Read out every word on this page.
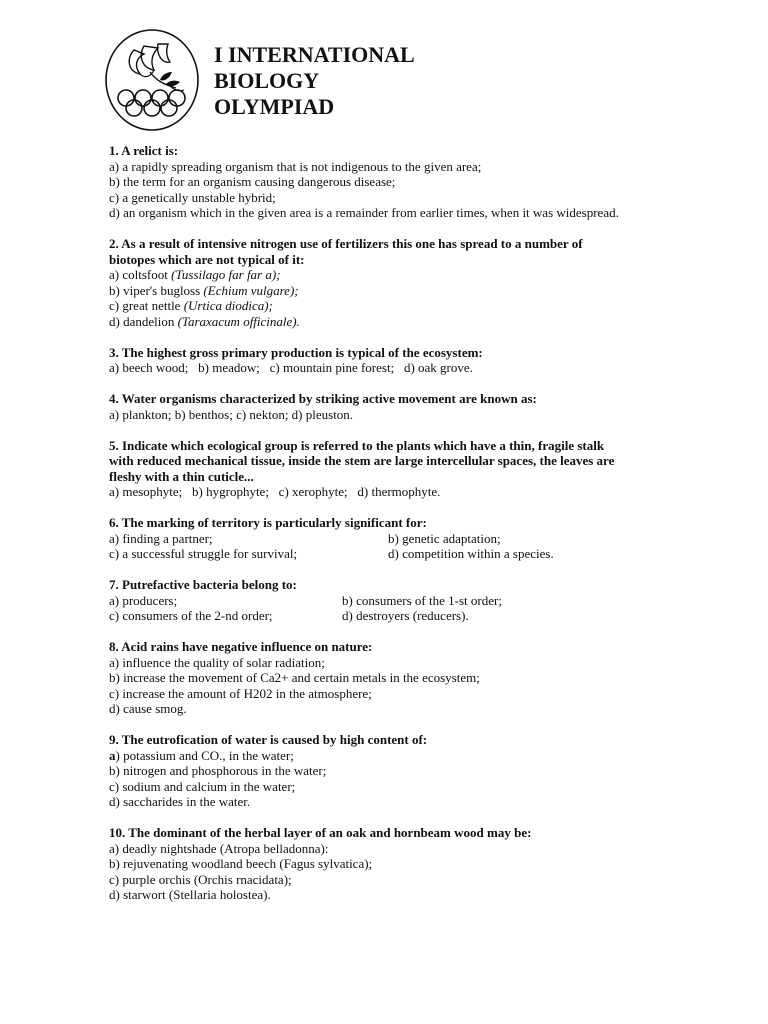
I INTERNATIONAL
BIOLOGY
OLYMPIAD
1. A relict is:
a) a rapidly spreading organism that is not indigenous to the given area;
b) the term for an organism causing dangerous disease;
c) a genetically unstable hybrid;
d) an organism which in the given area is a remainder from earlier times, when it was widespread.
2. As a result of intensive nitrogen use of fertilizers this one has spread to a number of
biotopes which are not typical of it:
a) coltsfoot (Tussilago far far a);
b) viper's bugloss (Echium vulgare);
c) great nettle (Urtica diodica);
d) dandelion (Taraxacum officinale).
3. The highest gross primary production is typical of the ecosystem:
a) beech wood;   b) meadow;   c) mountain pine forest;   d) oak grove.
4. Water organisms characterized by striking active movement are known as:
a) plankton; b) benthos; c) nekton; d) pleuston.
5. Indicate which ecological group is referred to the plants which have a thin, fragile stalk
with reduced mechanical tissue, inside the stem are large intercellular spaces, the leaves are
fleshy with a thin cuticle...
a) mesophyte;   b) hygrophyte;   c) xerophyte;   d) thermophyte.
6. The marking of territory is particularly significant for:
a) finding a partner;	b) genetic adaptation;
c) a successful struggle for survival;	d) competition within a species.
7. Putrefactive bacteria belong to:
a) producers;	b) consumers of the 1-st order;
c) consumers of the 2-nd order;	d) destroyers (reducers).
8. Acid rains have negative influence on nature:
a) influence the quality of solar radiation;
b) increase the movement of Ca2+ and certain metals in the ecosystem;
c) increase the amount of H202 in the atmosphere;
d) cause smog.
9. The eutrofication of water is caused by high content of:
a) potassium and CO., in the water;
b) nitrogen and phosphorous in the water;
c) sodium and calcium in the water;
d) saccharides in the water.
10. The dominant of the herbal layer of an oak and hornbeam wood may be:
a) deadly nightshade (Atropa belladonna):
b) rejuvenating woodland beech (Fagus sylvatica);
c) purple orchis (Orchis rnacidata);
d) starwort (Stellaria holostea).
